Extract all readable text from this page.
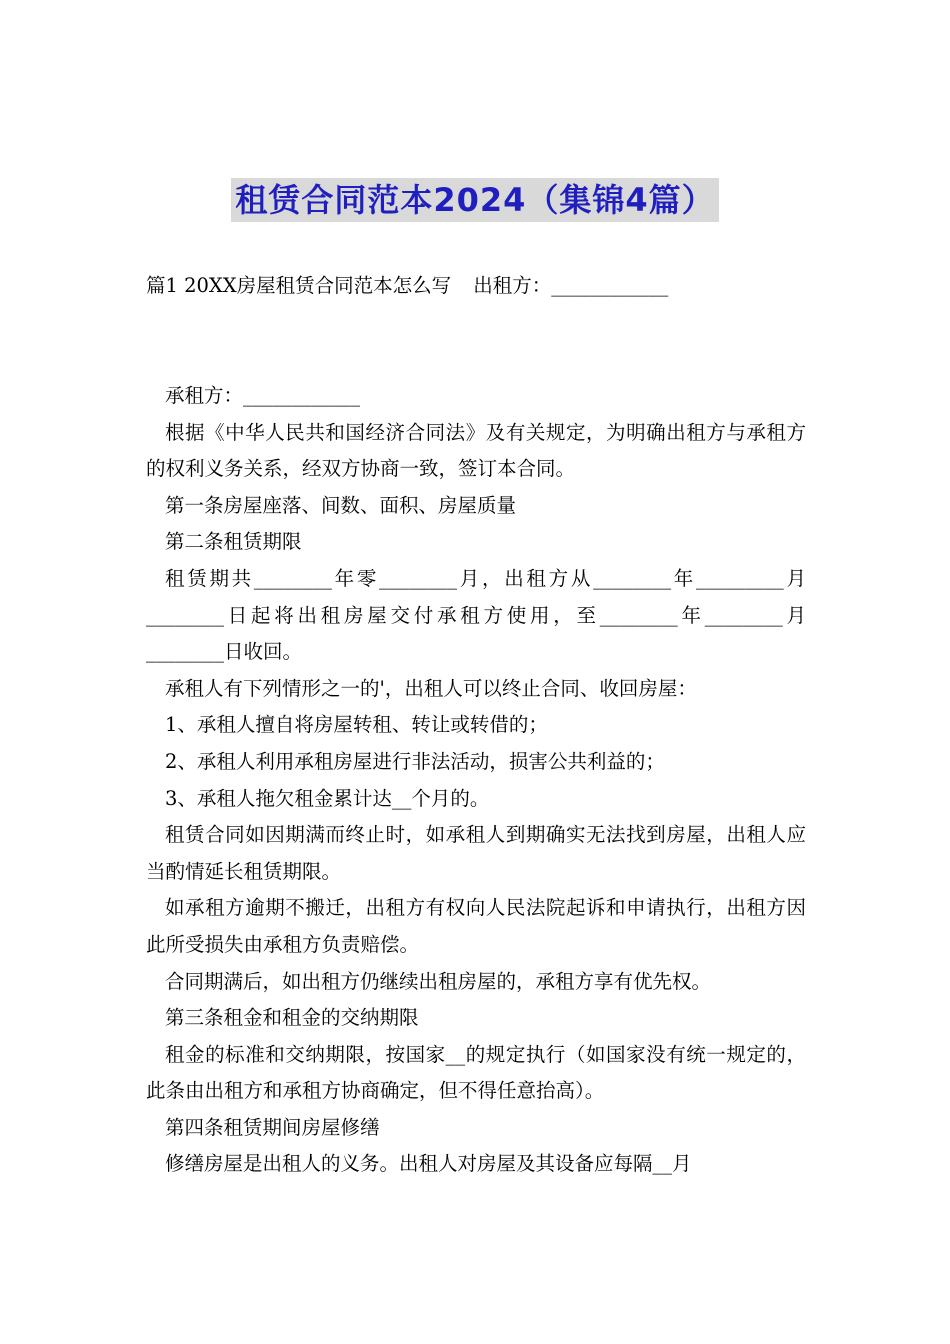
租赁合同范本2024（集锦4篇）
篇1 20XX房屋租赁合同范本怎么写 出租方：____________

承租方：____________

根据《中华人民共和国经济合同法》及有关规定，为明确出租方与承租方的权利义务关系，经双方协商一致，签订本合同。

第一条房屋座落、间数、面积、房屋质量

第二条租赁期限

租赁期共________年零________月，出租方从________年_________月________日起将出租房屋交付承租方使用，至________年________月________日收回。

承租人有下列情形之一的'，出租人可以终止合同、收回房屋：

1、承租人擅自将房屋转租、转让或转借的；

2、承租人利用承租房屋进行非法活动，损害公共利益的；

3、承租人拖欠租金累计达__个月的。

租赁合同如因期满而终止时，如承租人到期确实无法找到房屋，出租人应当酌情延长租赁期限。

如承租方逾期不搬迁，出租方有权向人民法院起诉和申请执行，出租方因此所受损失由承租方负责赔偿。

合同期满后，如出租方仍继续出租房屋的，承租方享有优先权。

第三条租金和租金的交纳期限

租金的标准和交纳期限，按国家__的规定执行（如国家没有统一规定的，此条由出租方和承租方协商确定，但不得任意抬高）。

第四条租赁期间房屋修缮

修缮房屋是出租人的义务。出租人对房屋及其设备应每隔__月
